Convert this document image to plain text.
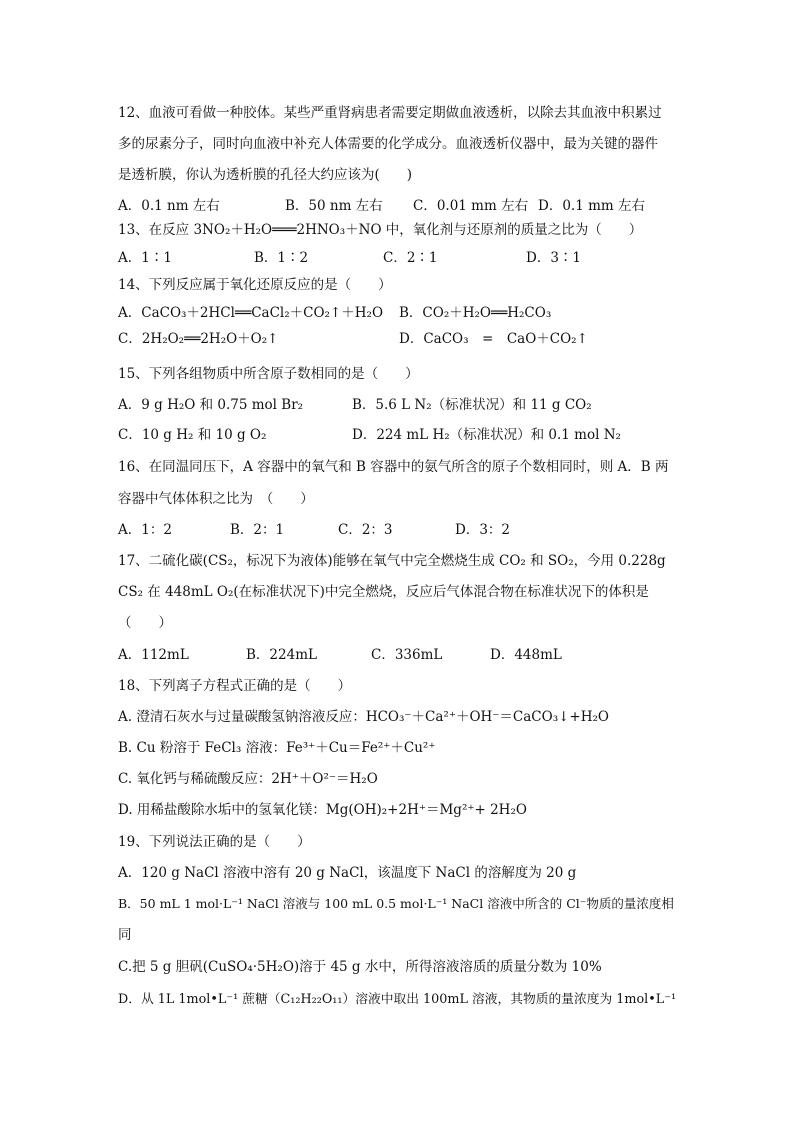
12、血液可看做一种胶体。某些严重肾病患者需要定期做血液透析，以除去其血液中积累过
多的尿素分子，同时向血液中补充人体需要的化学成分。血液透析仪器中，最为关键的器件
是透析膜，你认为透析膜的孔径大约应该为(　　)
A．0.1 nm 左右	B．50 nm 左右 C．0.01 mm 左右 D．0.1 mm 左右
13、在反应 3NO₂＋H₂O═══2HNO₃＋NO 中，氧化剂与还原剂的质量之比为（　　）
A．1∶1	B．1∶2	C．2∶1	D．3∶1
14、下列反应属于氧化还原反应的是（　　）
A．CaCO₃＋2HCl══CaCl₂＋CO₂↑＋H₂O B．CO₂＋H₂O══H₂CO₃
C．2H₂O₂══2H₂O＋O₂↑	D．CaCO₃　=　CaO＋CO₂↑
15、下列各组物质中所含原子数相同的是（　　）
A．9 g H₂O 和 0.75 mol Br₂	B．5.6 L N₂（标准状况）和 11 g CO₂
C．10 g H₂ 和 10 g O₂	D．224 mL H₂（标准状况）和 0.1 mol N₂
16、在同温同压下，A 容器中的氧气和 B 容器中的氨气所含的原子个数相同时，则 A．B 两
容器中气体体积之比为　（　　）
A．1：2	B．2：1	C．2：3	D．3：2
17、二硫化碳(CS₂，标况下为液体)能够在氧气中完全燃烧生成 CO₂ 和 SO₂，今用 0.228g
CS₂ 在 448mL O₂(在标准状况下)中完全燃烧，反应后气体混合物在标准状况下的体积是
（　　）
A．112mL	B．224mL	C．336mL	D．448mL
18、下列离子方程式正确的是（　　）
A. 澄清石灰水与过量碳酸氢钠溶液反应：HCO₃⁻＋Ca²⁺＋OH⁻＝CaCO₃↓+H₂O
B. Cu 粉溶于 FeCl₃ 溶液：Fe³⁺＋Cu＝Fe²⁺＋Cu²⁺
C. 氧化钙与稀硫酸反应：2H⁺＋O²⁻＝H₂O
D. 用稀盐酸除水垢中的氢氧化镁：Mg(OH)₂+2H⁺＝Mg²⁺+ 2H₂O
19、下列说法正确的是（　　）
A．120 g NaCl 溶液中溶有 20 g NaCl，该温度下 NaCl 的溶解度为 20 g
B．50 mL 1 mol·L⁻¹ NaCl 溶液与 100 mL 0.5 mol·L⁻¹ NaCl 溶液中所含的 Cl⁻物质的量浓度相
同
C.把 5 g 胆矾(CuSO₄·5H₂O)溶于 45 g 水中，所得溶液溶质的质量分数为 10%
D．从 1L 1mol•L⁻¹ 蔗糖（C₁₂H₂₂O₁₁）溶液中取出 100mL 溶液，其物质的量浓度为 1mol•L⁻¹
